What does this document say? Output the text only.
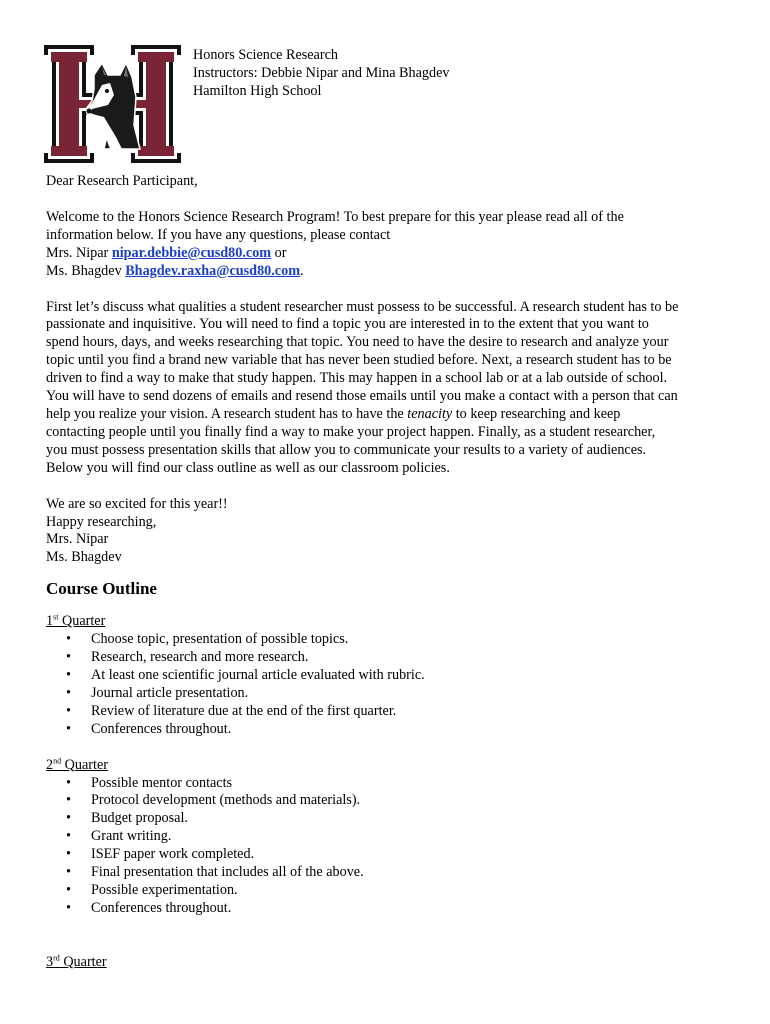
Honors Science Research
Instructors: Debbie Nipar and Mina Bhagdev
Hamilton High School

Dear Research Participant,

Welcome to the Honors Science Research Program! To best prepare for this year please read all of the

information below. If you have any questions, please contact

Mrs. Nipar nipar.debbie@cusd80.com or

Ms. Bhagdev Bhagdev.raxha@cusd80.com.

First let’s discuss what qualities a student researcher must possess to be successful. A research student has to be

passionate and inquisitive. You will need to find a topic you are interested in to the extent that you want to

spend hours, days, and weeks researching that topic. You need to have the desire to research and analyze your

topic until you find a brand new variable that has never been studied before. Next, a research student has to be

driven to find a way to make that study happen. This may happen in a school lab or at a lab outside of school.

You will have to send dozens of emails and resend those emails until you make a contact with a person that can

help you realize your vision. A research student has to have the tenacity to keep researching and keep

contacting people until you finally find a way to make your project happen. Finally, as a student researcher,

you must possess presentation skills that allow you to communicate your results to a variety of audiences.

Below you will find our class outline as well as our classroom policies.

We are so excited for this year!!

Happy researching,

Mrs. Nipar

Ms. Bhagdev

Course Outline
1st Quarter
• Choose topic, presentation of possible topics.
• Research, research and more research.
• At least one scientific journal article evaluated with rubric.
• Journal article presentation.
• Review of literature due at the end of the first quarter.
• Conferences throughout.
2nd Quarter
• Possible mentor contacts
• Protocol development (methods and materials).
• Budget proposal.
• Grant writing.
• ISEF paper work completed.
• Final presentation that includes all of the above.
• Possible experimentation.
• Conferences throughout.
3rd Quarter
